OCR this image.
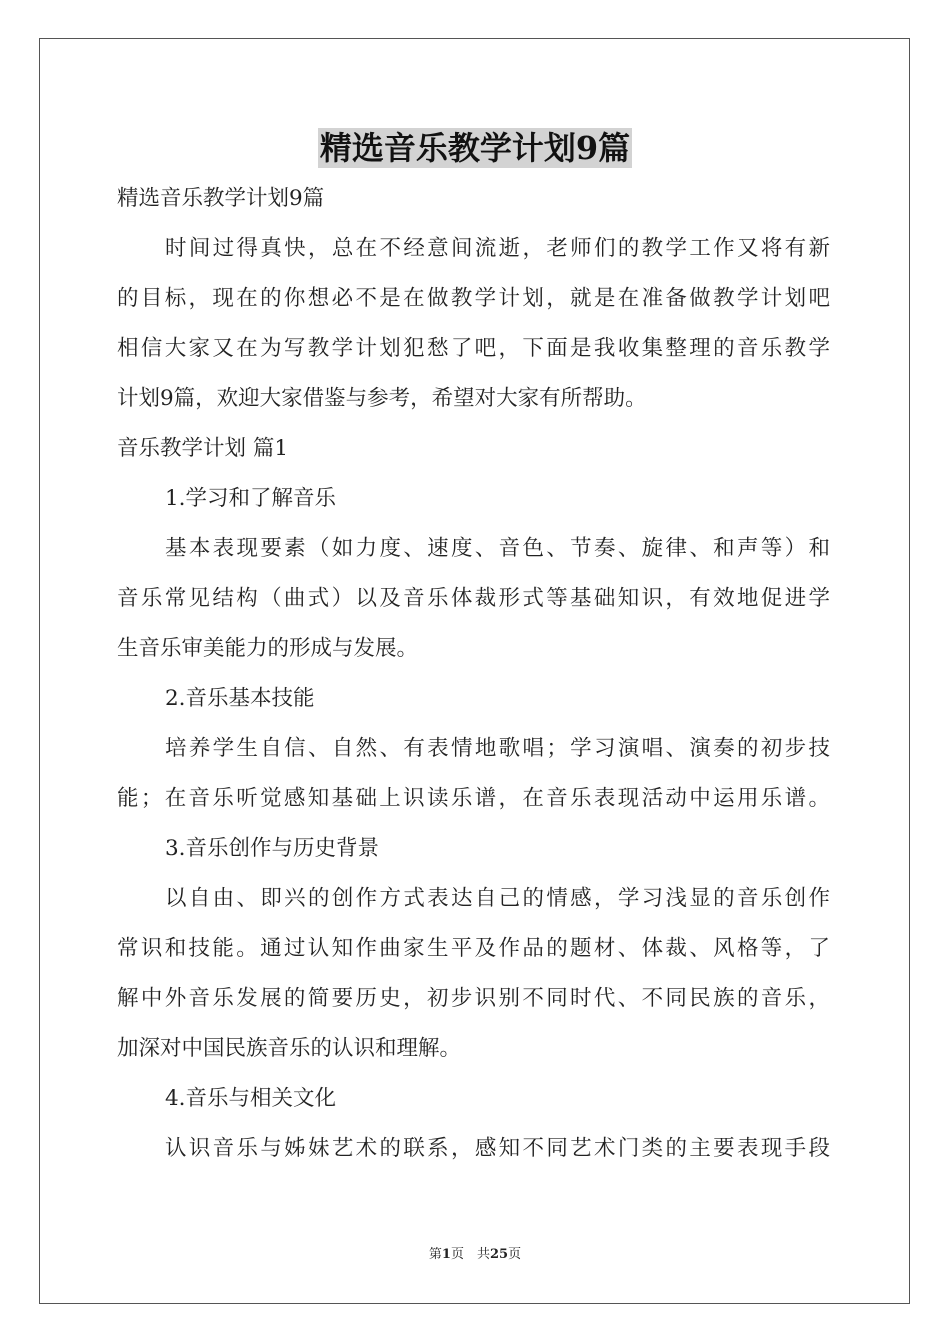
精选音乐教学计划9篇
精选音乐教学计划9篇
时间过得真快，总在不经意间流逝，老师们的教学工作又将有新
的目标，现在的你想必不是在做教学计划，就是在准备做教学计划吧
相信大家又在为写教学计划犯愁了吧，下面是我收集整理的音乐教学
计划9篇，欢迎大家借鉴与参考，希望对大家有所帮助。
音乐教学计划 篇1
1.学习和了解音乐
基本表现要素（如力度、速度、音色、节奏、旋律、和声等）和
音乐常见结构（曲式）以及音乐体裁形式等基础知识，有效地促进学
生音乐审美能力的形成与发展。
2.音乐基本技能
培养学生自信、自然、有表情地歌唱；学习演唱、演奏的初步技
能；在音乐听觉感知基础上识读乐谱，在音乐表现活动中运用乐谱。
3.音乐创作与历史背景
以自由、即兴的创作方式表达自己的情感，学习浅显的音乐创作
常识和技能。通过认知作曲家生平及作品的题材、体裁、风格等，了
解中外音乐发展的简要历史，初步识别不同时代、不同民族的音乐，
加深对中国民族音乐的认识和理解。
4.音乐与相关文化
认识音乐与姊妹艺术的联系，感知不同艺术门类的主要表现手段
第1页　共25页
